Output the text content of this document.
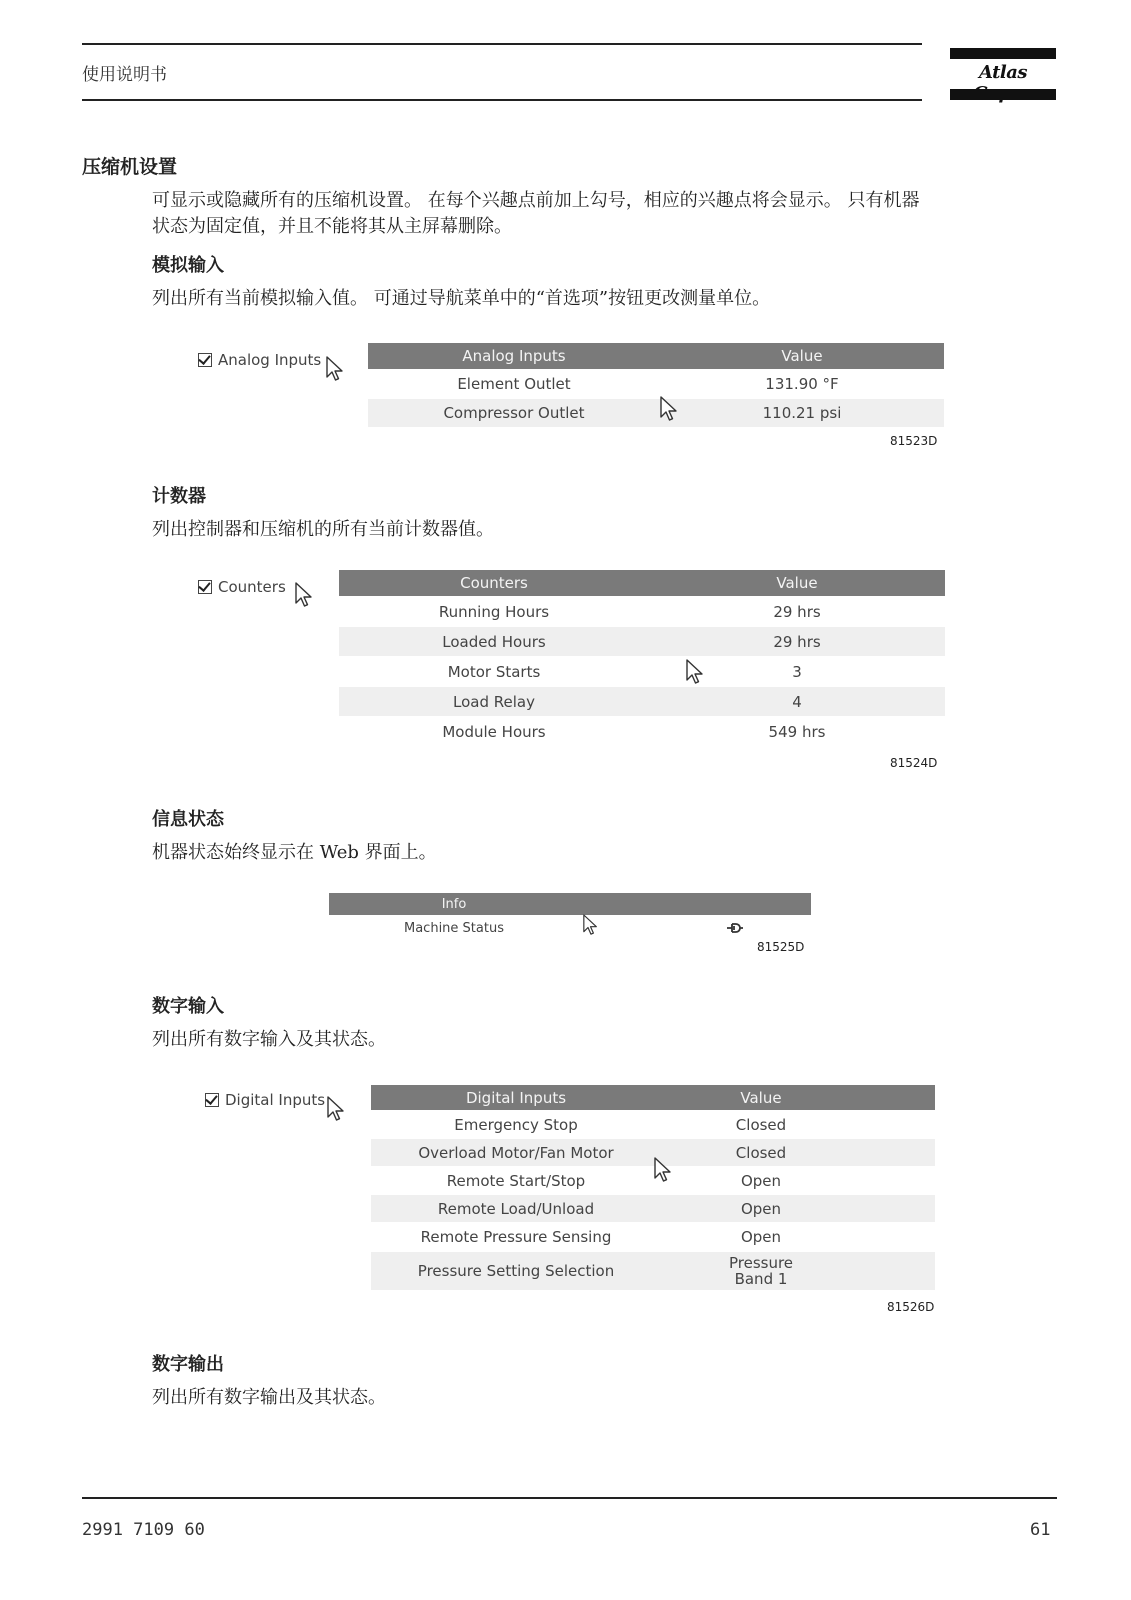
使用说明书	Atlas
压缩机设置
可显示或隐藏所有的压缩机设置。 在每个兴趣点前加上勾号，相应的兴趣点将会显示。 只有机器
状态为固定值，并且不能将其从主屏幕删除。
模拟输入
列出所有当前模拟输入值。 可通过导航菜单中的“首选项”按钮更改测量单位。
Analog Inputs	Analog Inputs	Value
Element Outlet	131.90 °F
Compressor Outlet	110.21 psi
81523D
计数器
列出控制器和压缩机的所有当前计数器值。
Counters	Counters	Value
Running Hours	29 hrs
Loaded Hours	29 hrs
Motor Starts	3
Load Relay	4
Module Hours	549 hrs
81524D
信息状态
机器状态始终显示在 Web 界面上。
Info
Machine Status
81525D
数字输入
列出所有数字输入及其状态。
Digital Inputs	Digital Inputs	Value
Emergency Stop	Closed
Overload Motor/Fan Motor	Closed
Remote Start/Stop	Open
Remote Load/Unload	Open
Remote Pressure Sensing	Open
Pressure Setting Selection	Pressure
Band 1
81526D
数字输出
列出所有数字输出及其状态。
2991 7109 60	61
